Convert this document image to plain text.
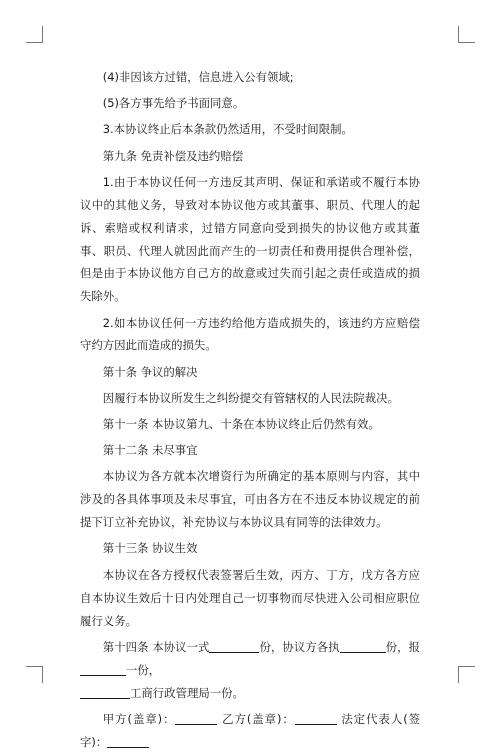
(4)非因该方过错，信息进入公有领域;

(5)各方事先给予书面同意。

3.本协议终止后本条款仍然适用，不受时间限制。

第九条 免责补偿及违约赔偿

1.由于本协议任何一方违反其声明、保证和承诺或不履行本协议中的其他义务，导致对本协议他方或其董事、职员、代理人的起诉、索赔或权利请求，过错方同意向受到损失的协议他方或其董事、职员、代理人就因此而产生的一切责任和费用提供合理补偿，但是由于本协议他方自己方的故意或过失而引起之责任或造成的损失除外。

2.如本协议任何一方违约给他方造成损失的，该违约方应赔偿守约方因此而造成的损失。

第十条 争议的解决

因履行本协议所发生之纠纷提交有管辖权的人民法院裁决。

第十一条 本协议第九、十条在本协议终止后仍然有效。

第十二条 未尽事宜

本协议为各方就本次增资行为所确定的基本原则与内容，其中涉及的各具体事项及未尽事宜，可由各方在不违反本协议规定的前提下订立补充协议，补充协议与本协议具有同等的法律效力。

第十三条 协议生效

本协议在各方授权代表签署后生效，丙方、丁方，戊方各方应自本协议生效后十日内处理自己一切事物而尽快进入公司相应职位履行义务。

第十四条 本协议一式	份，协议方各执	份，报一份，
工商行政管理局一份。

甲方(盖章)：	乙方(盖章)：	法定代表人(签字)：
